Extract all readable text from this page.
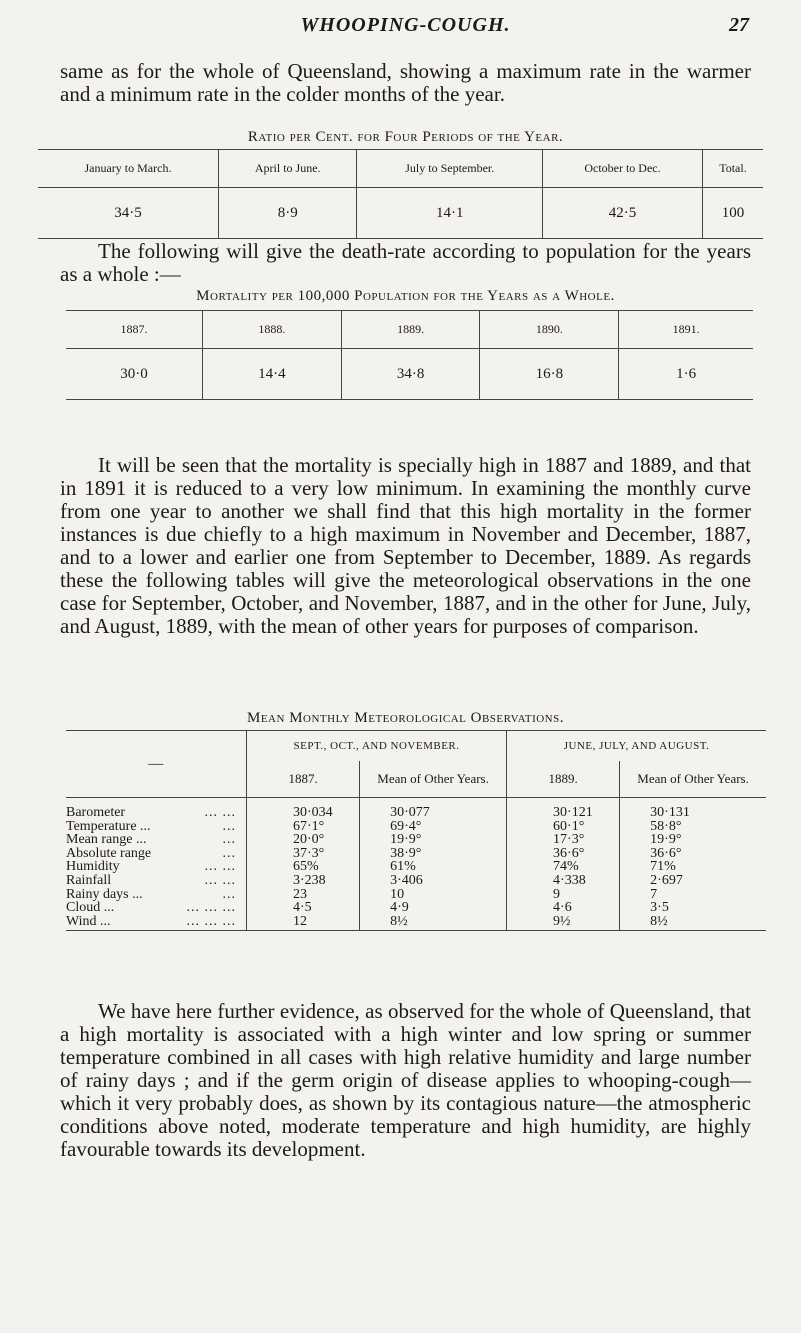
WHOOPING-COUGH.	27

same as for the whole of Queensland, showing a maximum rate in the warmer and a minimum rate in the colder months of the year.

Ratio per Cent. for Four Periods of the Year.
January to March.	April to June.	July to September.	October to Dec.	Total.
34·5	8·9	14·1	42·5	100

The following will give the death-rate according to population for the years as a whole :—

Mortality per 100,000 Population for the Years as a Whole.
1887.	1888.	1889.	1890.	1891.
30·0	14·4	34·8	16·8	1·6

It will be seen that the mortality is specially high in 1887 and 1889, and that in 1891 it is reduced to a very low minimum. In examining the monthly curve from one year to another we shall find that this high mortality in the former instances is due chiefly to a high maximum in November and December, 1887, and to a lower and earlier one from September to December, 1889. As regards these the following tables will give the meteorological observations in the one case for September, October, and November, 1887, and in the other for June, July, and August, 1889, with the mean of other years for purposes of comparison.

Mean Monthly Meteorological Observations.
—	SEPT., OCT., AND NOVEMBER.		JUNE, JULY, AND AUGUST.	
	1887.	Mean of Other Years.	1889.	Mean of Other Years.
Barometer ... ...	30·034	30·077	30·121	30·131
Temperature ... ...	67·1°	69·4°	60·1°	58·8°
Mean range ... ...	20·0°	19·9°	17·3°	19·9°
Absolute range ...	37·3°	38·9°	36·6°	36·6°
Humidity ... ...	65%	61%	74%	71%
Rainfall ... ...	3·238	3·406	4·338	2·697
Rainy days ... ...	23	10	9	7
Cloud ... ... ... ...	4·5	4·9	4·6	3·5
Wind ... ... ... ...	12	8½	9½	8½

We have here further evidence, as observed for the whole of Queensland, that a high mortality is associated with a high winter and low spring or summer temperature combined in all cases with high relative humidity and large number of rainy days ; and if the germ origin of disease applies to whooping-cough—which it very probably does, as shown by its contagious nature—the atmospheric conditions above noted, moderate temperature and high humidity, are highly favourable towards its development.
